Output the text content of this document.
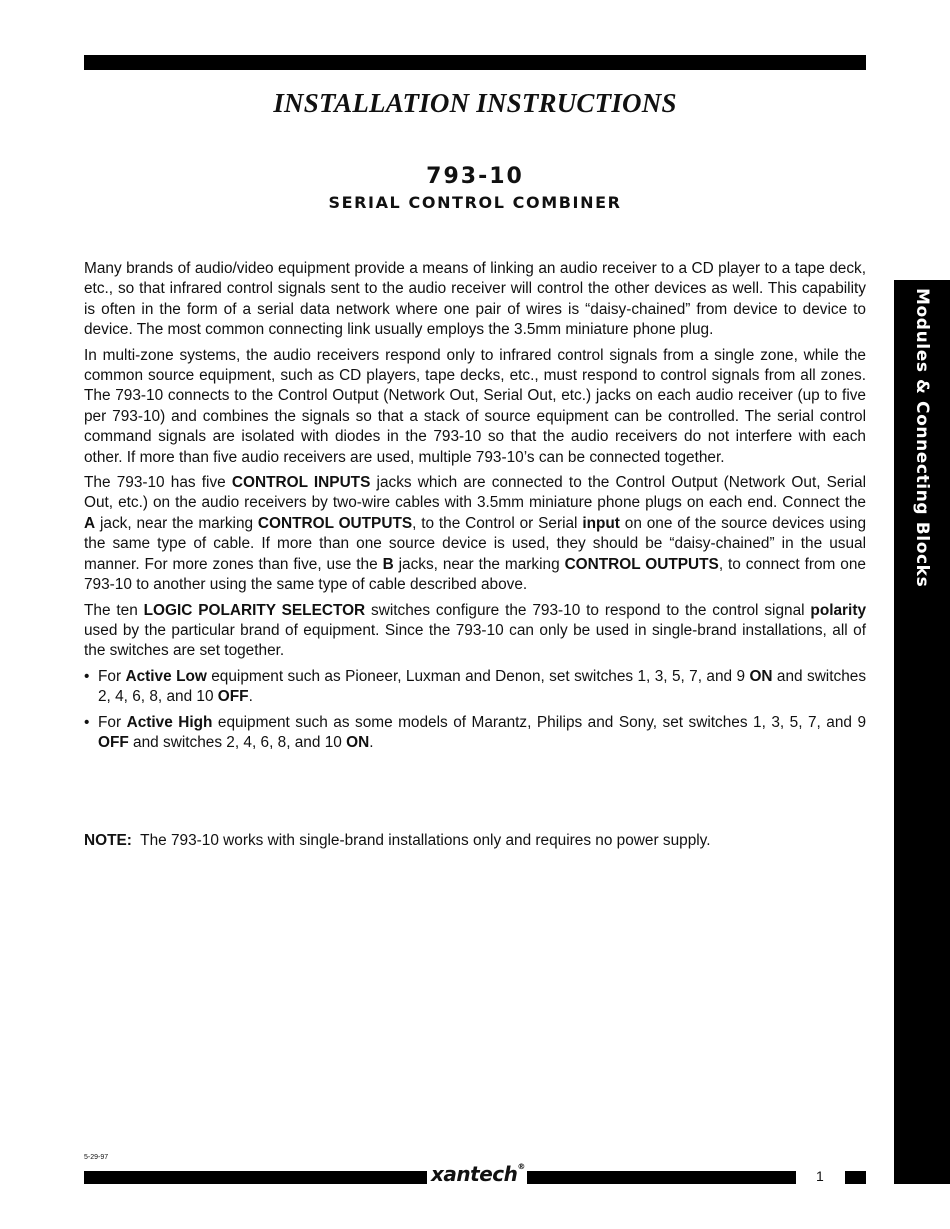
INSTALLATION INSTRUCTIONS
793-10
SERIAL CONTROL COMBINER

Many brands of audio/video equipment provide a means of linking an audio receiver to a CD player to a tape deck, etc., so that infrared control signals sent to the audio receiver will control the other devices as well. This capability is often in the form of a serial data network where one pair of wires is “daisy-chained” from device to device to device. The most common connecting link usually employs the 3.5mm miniature phone plug.

In multi-zone systems, the audio receivers respond only to infrared control signals from a single zone, while the common source equipment, such as CD players, tape decks, etc., must respond to control signals from all zones. The 793-10 connects to the Control Output (Network Out, Serial Out, etc.) jacks on each audio receiver (up to five per 793-10) and combines the signals so that a stack of source equipment can be controlled. The serial control command signals are isolated with diodes in the 793-10 so that the audio receivers do not interfere with each other. If more than five audio receivers are used, multiple 793-10’s can be connected together.

The 793-10 has five CONTROL INPUTS jacks which are connected to the Control Output (Network Out, Serial Out, etc.) on the audio receivers by two-wire cables with 3.5mm miniature phone plugs on each end. Connect the A jack, near the marking CONTROL OUTPUTS, to the Control or Serial input on one of the source devices using the same type of cable. If more than one source device is used, they should be “daisy-chained” in the usual manner. For more zones than five, use the B jacks, near the marking CONTROL OUTPUTS, to connect from one 793-10 to another using the same type of cable described above.

The ten LOGIC POLARITY SELECTOR switches configure the 793-10 to respond to the control signal polarity used by the particular brand of equipment. Since the 793-10 can only be used in single-brand installations, all of the switches are set together.

• For Active Low equipment such as Pioneer, Luxman and Denon, set switches 1, 3, 5, 7, and 9 ON and switches 2, 4, 6, 8, and 10 OFF.
• For Active High equipment such as some models of Marantz, Philips and Sony, set switches 1, 3, 5, 7, and 9 OFF and switches 2, 4, 6, 8, and 10 ON.
NOTE:  The 793-10 works with single-brand installations only and requires no power supply.
Modules & Connecting Blocks
5-29-97
xantech®
1
